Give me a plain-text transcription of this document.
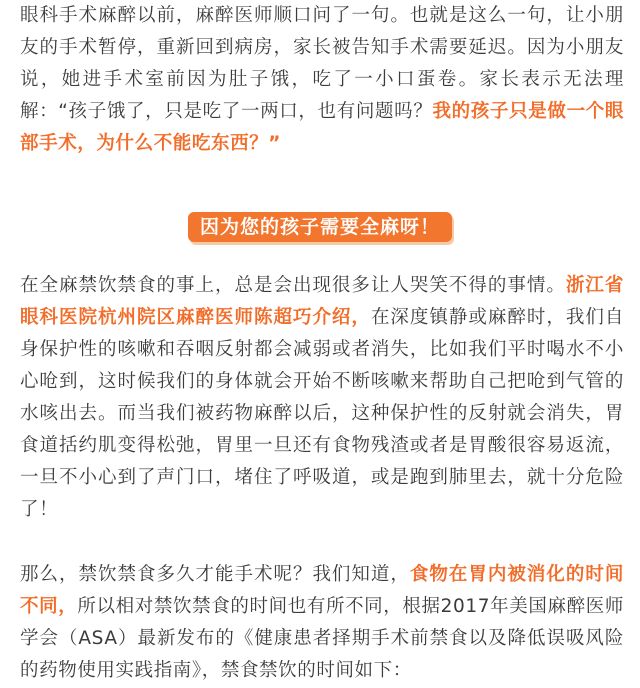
眼科手术麻醉以前，麻醉医师顺口问了一句。也就是这么一句，让小朋友的手术暂停，重新回到病房，家长被告知手术需要延迟。因为小朋友说，她进手术室前因为肚子饿，吃了一小口蛋卷。家长表示无法理解：“孩子饿了，只是吃了一两口，也有问题吗？我的孩子只是做一个眼部手术，为什么不能吃东西？”

因为您的孩子需要全麻呀！

在全麻禁饮禁食的事上，总是会出现很多让人哭笑不得的事情。浙江省眼科医院杭州院区麻醉医师陈超巧介绍，在深度镇静或麻醉时，我们自身保护性的咳嗽和吞咽反射都会减弱或者消失，比如我们平时喝水不小心呛到，这时候我们的身体就会开始不断咳嗽来帮助自己把呛到气管的水咳出去。而当我们被药物麻醉以后，这种保护性的反射就会消失，胃食道括约肌变得松弛，胃里一旦还有食物残渣或者是胃酸很容易返流，一旦不小心到了声门口，堵住了呼吸道，或是跑到肺里去，就十分危险了！

那么，禁饮禁食多久才能手术呢？我们知道，食物在胃内被消化的时间不同，所以相对禁饮禁食的时间也有所不同，根据2017年美国麻醉医师学会（ASA）最新发布的《健康患者择期手术前禁食以及降低误吸风险的药物使用实践指南》，禁食禁饮的时间如下：
